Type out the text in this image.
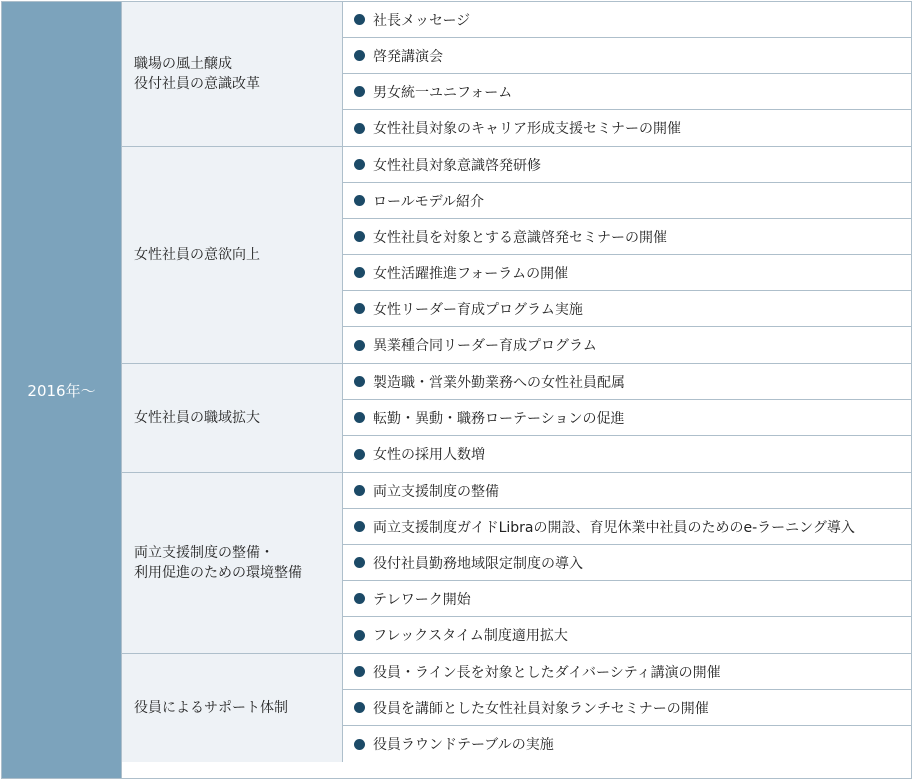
2016年〜
職場の風土醸成
役付社員の意識改革
社長メッセージ
啓発講演会
男女統一ユニフォーム
女性社員対象のキャリア形成支援セミナーの開催
女性社員の意欲向上
女性社員対象意識啓発研修
ロールモデル紹介
女性社員を対象とする意識啓発セミナーの開催
女性活躍推進フォーラムの開催
女性リーダー育成プログラム実施
異業種合同リーダー育成プログラム
女性社員の職域拡大
製造職・営業外勤業務への女性社員配属
転勤・異動・職務ローテーションの促進
女性の採用人数増
両立支援制度の整備・
利用促進のための環境整備
両立支援制度の整備
両立支援制度ガイドLibraの開設、育児休業中社員のためのe-ラーニング導入
役付社員勤務地域限定制度の導入
テレワーク開始
フレックスタイム制度適用拡大
役員によるサポート体制
役員・ライン長を対象としたダイバーシティ講演の開催
役員を講師とした女性社員対象ランチセミナーの開催
役員ラウンドテーブルの実施
